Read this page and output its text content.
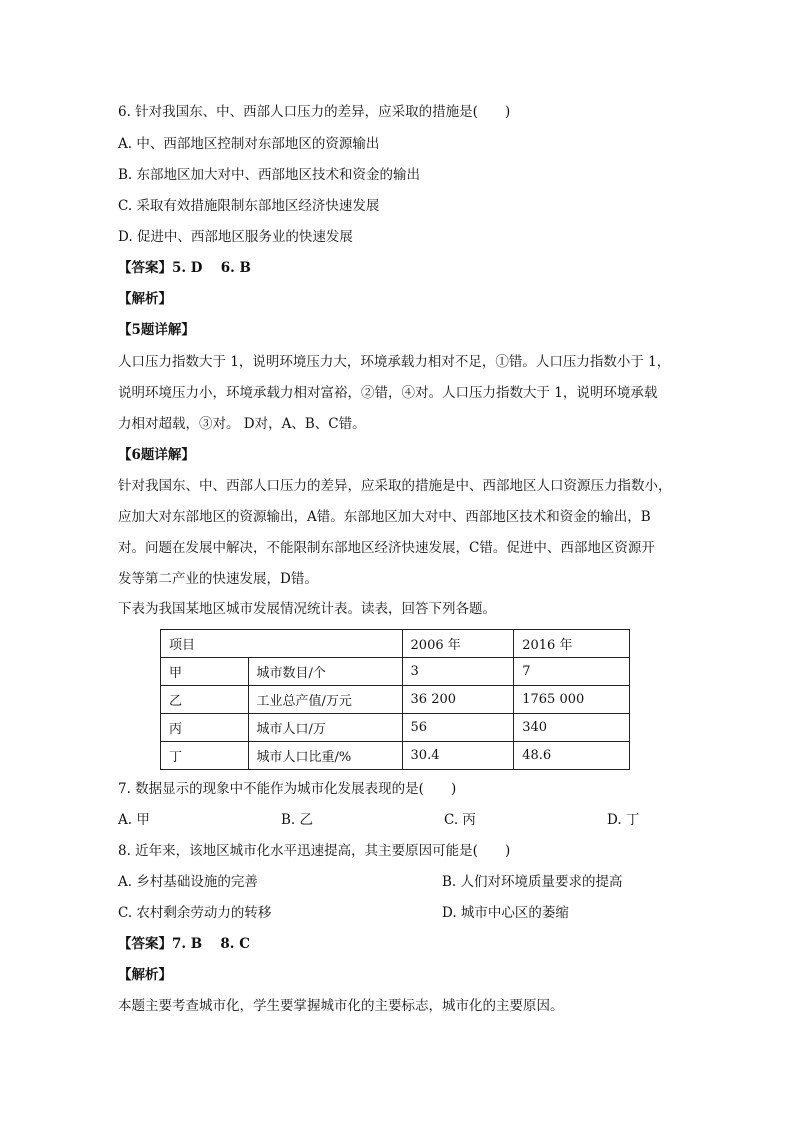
6. 针对我国东、中、西部人口压力的差异，应采取的措施是(　　)
A. 中、西部地区控制对东部地区的资源输出
B. 东部地区加大对中、西部地区技术和资金的输出
C. 采取有效措施限制东部地区经济快速发展
D. 促进中、西部地区服务业的快速发展
【答案】5. D　 6. B
【解析】
【5题详解】
人口压力指数大于 1，说明环境压力大，环境承载力相对不足，①错。人口压力指数小于 1，
说明环境压力小，环境承载力相对富裕，②错，④对。人口压力指数大于 1，说明环境承载
力相对超载，③对。 D对，A、B、C错。
【6题详解】
针对我国东、中、西部人口压力的差异，应采取的措施是中、西部地区人口资源压力指数小，
应加大对东部地区的资源输出，A错。东部地区加大对中、西部地区技术和资金的输出，B
对。问题在发展中解决，不能限制东部地区经济快速发展，C错。促进中、西部地区资源开
发等第二产业的快速发展，D错。
下表为我国某地区城市发展情况统计表。读表，回答下列各题。
项目		2006 年	2016 年
甲	城市数目/个	3	7
乙	工业总产值/万元	36 200	1765 000
丙	城市人口/万	56	340
丁	城市人口比重/%	30.4	48.6
7. 数据显示的现象中不能作为城市化发展表现的是(　　)
A. 甲	B. 乙	C. 丙	D. 丁
8. 近年来，该地区城市化水平迅速提高，其主要原因可能是(　　)
A. 乡村基础设施的完善	B. 人们对环境质量要求的提高
C. 农村剩余劳动力的转移	D. 城市中心区的萎缩
【答案】7. B　 8. C
【解析】
本题主要考查城市化，学生要掌握城市化的主要标志，城市化的主要原因。
